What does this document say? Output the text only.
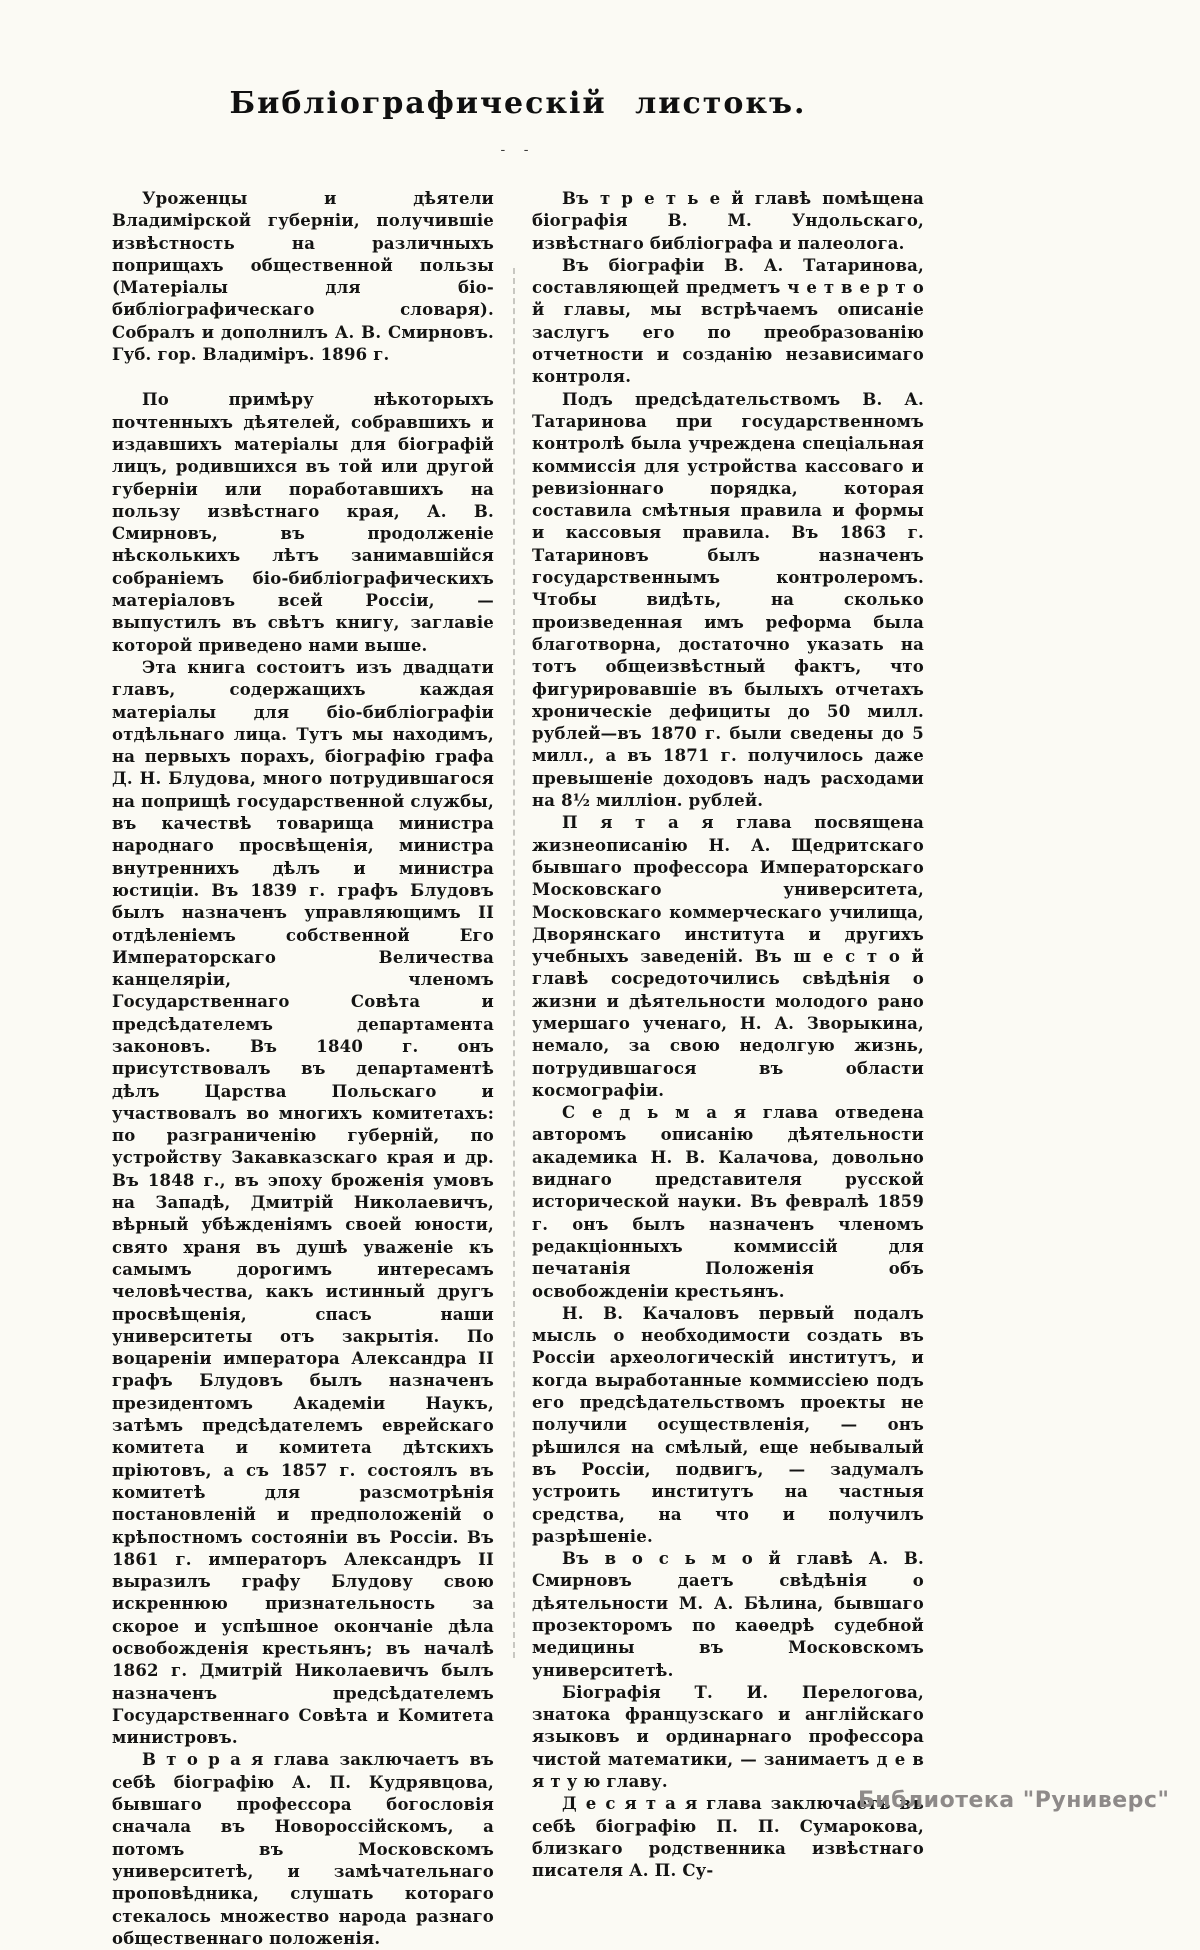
Библіографическій листокъ.
- -

Уроженцы и дѣятели Владимірской губерніи, получившіе извѣстность на различныхъ поприщахъ общественной пользы (Матеріалы для біо-библіографическаго словаря). Собралъ и дополнилъ А. В. Смирновъ. Губ. гор. Владиміръ. 1896 г.

По примѣру нѣкоторыхъ почтенныхъ дѣятелей, собравшихъ и издавшихъ матеріалы для біографій лицъ, родившихся въ той или другой губерніи или поработавшихъ на пользу извѣстнаго края, А. В. Смирновъ, въ продолженіе нѣсколькихъ лѣтъ занимавшійся собраніемъ біо-библіографическихъ матеріаловъ всей Россіи, — выпустилъ въ свѣтъ книгу, заглавіе которой приведено нами выше.

Эта книга состоитъ изъ двадцати главъ, содержащихъ каждая матеріалы для біо-библіографіи отдѣльнаго лица. Тутъ мы находимъ, на первыхъ порахъ, біографію графа Д. Н. Блудова, много потрудившагося на поприщѣ государственной службы, въ качествѣ товарища министра народнаго просвѣщенія, министра внутреннихъ дѣлъ и министра юстиціи. Въ 1839 г. графъ Блудовъ былъ назначенъ управляющимъ II отдѣленіемъ собственной Его Императорскаго Величества канцеляріи, членомъ Государственнаго Совѣта и предсѣдателемъ департамента законовъ. Въ 1840 г. онъ присутствовалъ въ департаментѣ дѣлъ Царства Польскаго и участвовалъ во многихъ комитетахъ: по разграниченію губерній, по устройству Закавказскаго края и др. Въ 1848 г., въ эпоху броженія умовъ на Западѣ, Дмитрій Николаевичъ, вѣрный убѣжденіямъ своей юности, свято храня въ душѣ уваженіе къ самымъ дорогимъ интересамъ человѣчества, какъ истинный другъ просвѣщенія, спасъ наши университеты отъ закрытія. По воцареніи императора Александра II графъ Блудовъ былъ назначенъ президентомъ Академіи Наукъ, затѣмъ предсѣдателемъ еврейскаго комитета и комитета дѣтскихъ пріютовъ, а съ 1857 г. состоялъ въ комитетѣ для разсмотрѣнія постановленій и предположеній о крѣпостномъ состояніи въ Россіи. Въ 1861 г. императоръ Александръ II выразилъ графу Блудову свою искреннюю признательность за скорое и успѣшное окончаніе дѣла освобожденія крестьянъ; въ началѣ 1862 г. Дмитрій Николаевичъ былъ назначенъ предсѣдателемъ Государственнаго Совѣта и Комитета министровъ.

В т о р а я глава заключаетъ въ себѣ біографію А. П. Кудрявцова, бывшаго профессора богословія сначала въ Новороссійскомъ, а потомъ въ Московскомъ университетѣ, и замѣчательнаго проповѣдника, слушать котораго стекалось множество народа разнаго общественнаго положенія.

Въ т р е т ь е й главѣ помѣщена біографія В. М. Ундольскаго, извѣстнаго библіографа и палеолога.

Въ біографіи В. А. Татаринова, составляющей предметъ ч е т в е р т о й главы, мы встрѣчаемъ описаніе заслугъ его по преобразованію отчетности и созданію независимаго контроля.

Подъ предсѣдательствомъ В. А. Татаринова при государственномъ контролѣ была учреждена спеціальная коммиссія для устройства кассоваго и ревизіоннаго порядка, которая составила смѣтныя правила и формы и кассовыя правила. Въ 1863 г. Татариновъ былъ назначенъ государственнымъ контролеромъ. Чтобы видѣть, на сколько произведенная имъ реформа была благотворна, достаточно указать на тотъ общеизвѣстный фактъ, что фигурировавшіе въ былыхъ отчетахъ хроническіе дефициты до 50 милл. рублей—въ 1870 г. были сведены до 5 милл., а въ 1871 г. получилось даже превышеніе доходовъ надъ расходами на 8½ милліон. рублей.

П я т а я глава посвящена жизнеописанію Н. А. Щедритскаго бывшаго профессора Императорскаго Московскаго университета, Московскаго коммерческаго училища, Дворянскаго института и другихъ учебныхъ заведеній. Въ ш е с т о й главѣ сосредоточились свѣдѣнія о жизни и дѣятельности молодого рано умершаго ученаго, Н. А. Зворыкина, немало, за свою недолгую жизнь, потрудившагося въ области космографіи.

С е д ь м а я глава отведена авторомъ описанію дѣятельности академика Н. В. Калачова, довольно виднаго представителя русской исторической науки. Въ февралѣ 1859 г. онъ былъ назначенъ членомъ редакціонныхъ коммиссій для печатанія Положенія объ освобожденіи крестьянъ.

Н. В. Качаловъ первый подалъ мысль о необходимости создать въ Россіи археологическій институтъ, и когда выработанные коммиссіею подъ его предсѣдательствомъ проекты не получили осуществленія, — онъ рѣшился на смѣлый, еще небывалый въ Россіи, подвигъ, — задумалъ устроить институтъ на частныя средства, на что и получилъ разрѣшеніе.

Въ в о с ь м о й главѣ А. В. Смирновъ даетъ свѣдѣнія о дѣятельности М. А. Бѣлина, бывшаго прозекторомъ по каѳедрѣ судебной медицины въ Московскомъ университетѣ.

Біографія Т. И. Перелогова, знатока французскаго и англійскаго языковъ и ординарнаго профессора чистой математики, — занимаетъ д е в я т у ю главу.

Д е с я т а я глава заключаетъ въ себѣ біографію П. П. Сумарокова, близкаго родственника извѣстнаго писателя А. П. Су-

Библиотека "Руниверс"
